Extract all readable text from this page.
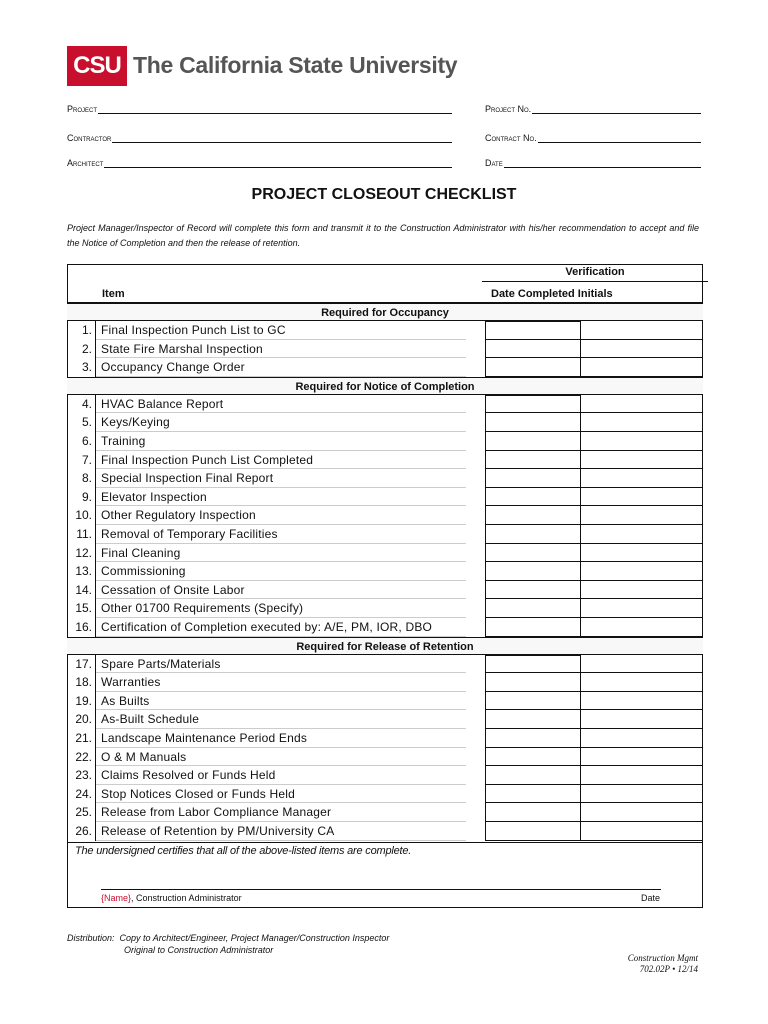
CSU The California State University
Project	Project No.
Contractor	Contract No.
Architect	Date
PROJECT CLOSEOUT CHECKLIST
Project Manager/Inspector of Record will complete this form and transmit it to the Construction Administrator with his/her recommendation to accept and file the Notice of Completion and then the release of retention.
Verification
Item	Date Completed Initials
Required for Occupancy
1. Final Inspection Punch List to GC
2. State Fire Marshal Inspection
3. Occupancy Change Order
Required for Notice of Completion
4. HVAC Balance Report
5. Keys/Keying
6. Training
7. Final Inspection Punch List Completed
8. Special Inspection Final Report
9. Elevator Inspection
10. Other Regulatory Inspection
11. Removal of Temporary Facilities
12. Final Cleaning
13. Commissioning
14. Cessation of Onsite Labor
15. Other 01700 Requirements (Specify)
16. Certification of Completion executed by: A/E, PM, IOR, DBO
Required for Release of Retention
17. Spare Parts/Materials
18. Warranties
19. As Builts
20. As-Built Schedule
21. Landscape Maintenance Period Ends
22. O & M Manuals
23. Claims Resolved or Funds Held
24. Stop Notices Closed or Funds Held
25. Release from Labor Compliance Manager
26. Release of Retention by PM/University CA
The undersigned certifies that all of the above-listed items are complete.
{Name}, Construction Administrator	Date
Distribution: Copy to Architect/Engineer, Project Manager/Construction Inspector
Original to Construction Administrator
Construction Mgmt
702.02P • 12/14
